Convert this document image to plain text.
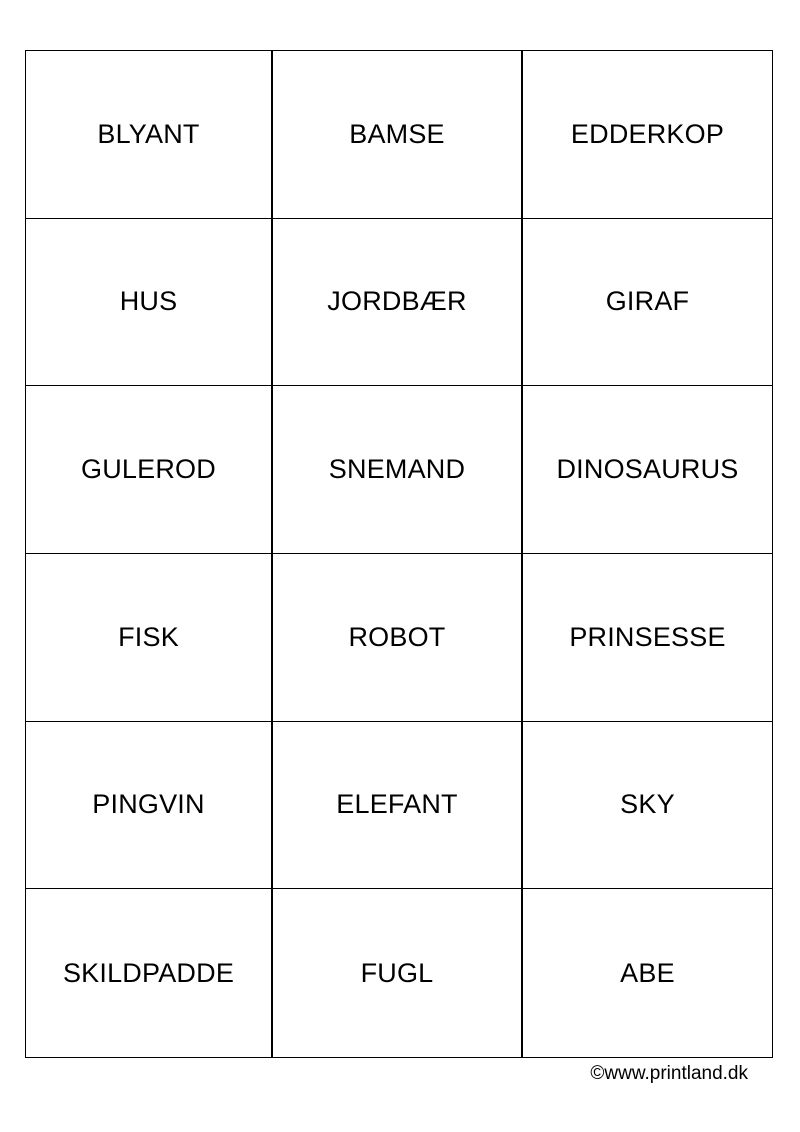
BLYANT	BAMSE	EDDERKOP
HUS	JORDBÆR	GIRAF
GULEROD	SNEMAND	DINOSAURUS
FISK	ROBOT	PRINSESSE
PINGVIN	ELEFANT	SKY
SKILDPADDE	FUGL	ABE
©www.printland.dk
